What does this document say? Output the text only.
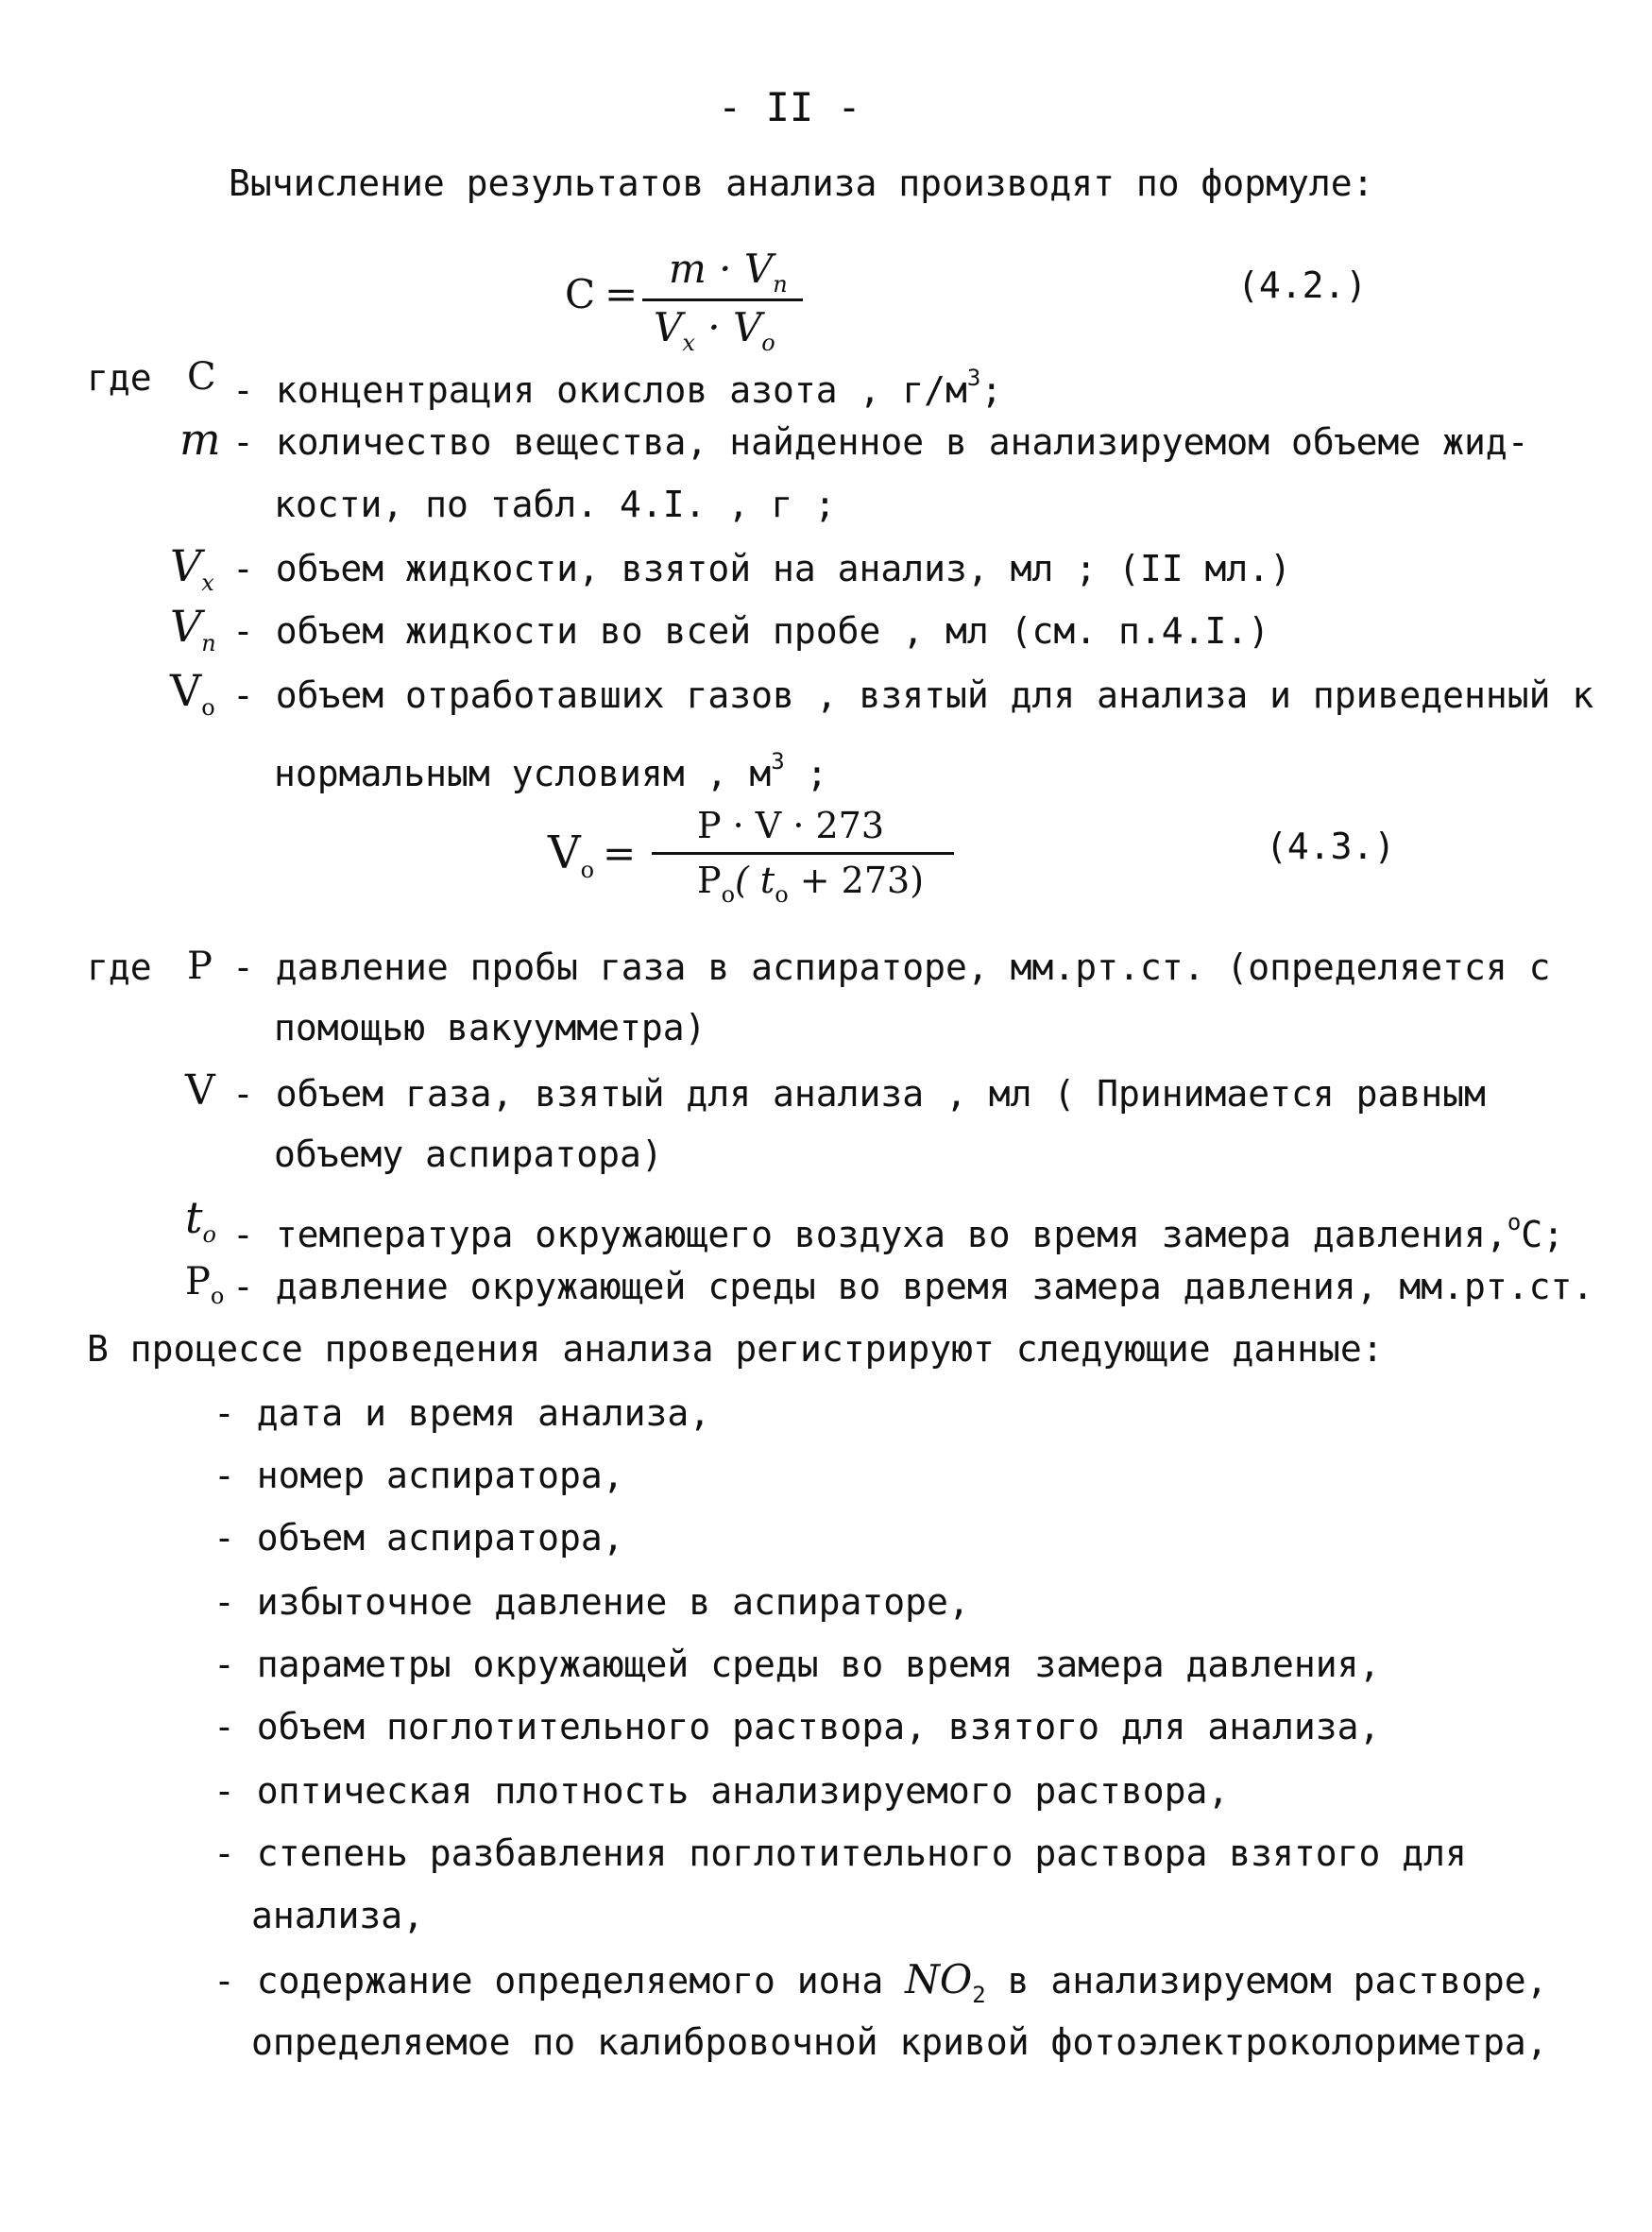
- II -
Вычисление результатов анализа производят по формуле:
C =
$m \cdot V_п$
$V_x \cdot V_o$
(4.2.)
где C - концентрация окислов азота , $г/м^3$;
m - количество вещества, найденное в анализируемом объеме жид-
кости, по табл. 4.I. , г ;
$V_x$ - объем жидкости, взятой на анализ, мл ; (II мл.)
$V_п$ - объем жидкости во всей пробе , мл (см. п.4.I.)
$V_o$ - объем отработавших газов , взятый для анализа и приведенный к
нормальным условиям , $м^3$ ;
$V_o$ =
P · V · 273
$P_o$( $t_o + 273$)
(4.3.)
где P - давление пробы газа в аспираторе, мм.рт.ст. (определяется с
помощью вакуумметра)
V - объем газа, взятый для анализа , мл ( Принимается равным
объему аспиратора)
$t_o$ - температура окружающего воздуха во время замера давления,$^o$C;
$P_o$ - давление окружающей среды во время замера давления, мм.рт.ст.
В процессе проведения анализа регистрируют следующие данные:
- дата и время анализа,
- номер аспиратора,
- объем аспиратора,
- избыточное давление в аспираторе,
- параметры окружающей среды во время замера давления,
- объем поглотительного раствора, взятого для анализа,
- оптическая плотность анализируемого раствора,
- степень разбавления поглотительного раствора взятого для
анализа,
- содержание определяемого иона $NO_2$ в анализируемом растворе,
определяемое по калибровочной кривой фотоэлектроколориметра,
